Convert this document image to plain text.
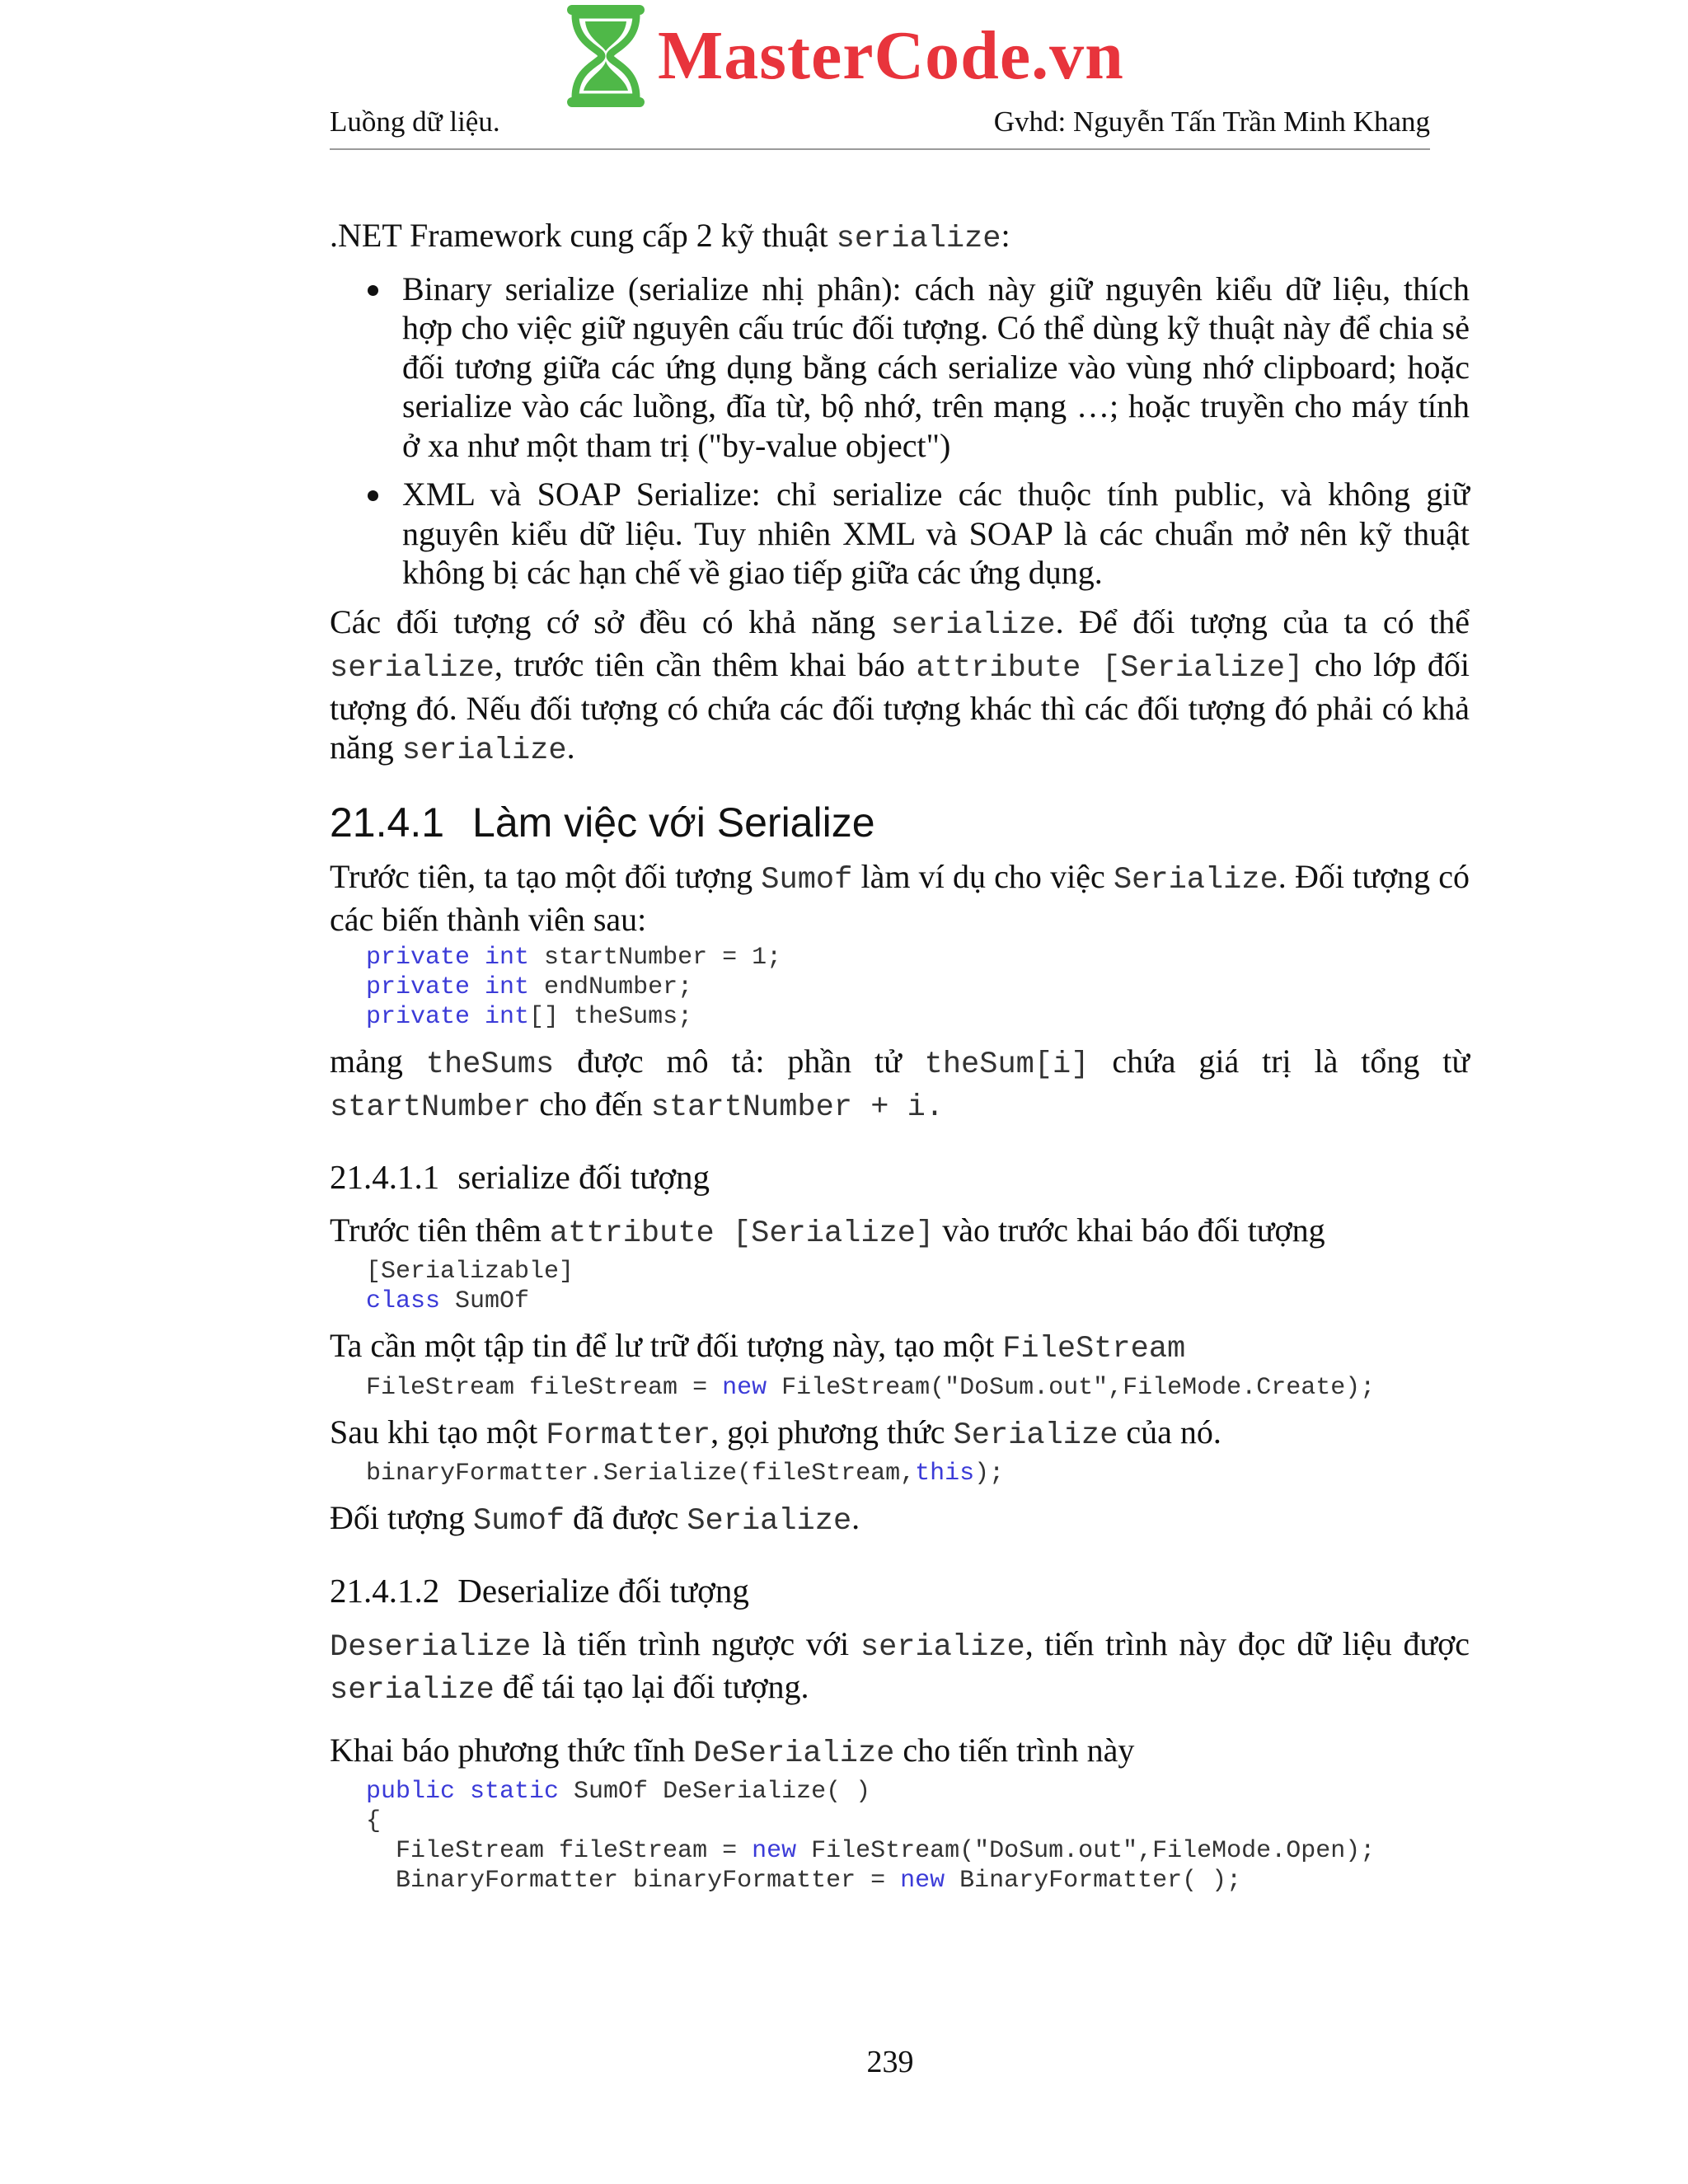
MasterCode.vn
Luồng dữ liệu.	Gvhd: Nguyễn Tấn Trần Minh Khang

.NET Framework cung cấp 2 kỹ thuật serialize:

Binary serialize (serialize nhị phân): cách này giữ nguyên kiểu dữ liệu, thích hợp cho việc giữ nguyên cấu trúc đối tượng. Có thể dùng kỹ thuật này để chia sẻ đối tương giữa các ứng dụng bằng cách serialize vào vùng nhớ clipboard; hoặc serialize vào các luồng, đĩa từ, bộ nhớ, trên mạng …; hoặc truyền cho máy tính ở xa như một tham trị ("by-value object")
XML và SOAP Serialize: chỉ serialize các thuộc tính public, và không giữ nguyên kiểu dữ liệu. Tuy nhiên XML và SOAP là các chuẩn mở nên kỹ thuật không bị các hạn chế về giao tiếp giữa các ứng dụng.

Các đối tượng cớ sở đều có khả năng serialize. Để đối tượng của ta có thể serialize, trước tiên cần thêm khai báo attribute [Serialize] cho lớp đối tượng đó. Nếu đối tượng có chứa các đối tượng khác thì các đối tượng đó phải có khả năng serialize.

21.4.1 Làm việc với Serialize

Trước tiên, ta tạo một đối tượng Sumof làm ví dụ cho việc Serialize. Đối tượng có các biến thành viên sau:

private int startNumber = 1;
private int endNumber;
private int[] theSums;

mảng theSums được mô tả: phần tử theSum[i] chứa giá trị là tổng từ startNumber cho đến startNumber + i.

21.4.1.1 serialize đối tượng

Trước tiên thêm attribute [Serialize] vào trước khai báo đối tượng

[Serializable]
class SumOf

Ta cần một tập tin để lư trữ đối tượng này, tạo một FileStream

FileStream fileStream = new FileStream("DoSum.out",FileMode.Create);

Sau khi tạo một Formatter, gọi phương thức Serialize của nó.

binaryFormatter.Serialize(fileStream,this);

Đối tượng Sumof đã được Serialize.

21.4.1.2 Deserialize đối tượng

Deserialize là tiến trình ngược với serialize, tiến trình này đọc dữ liệu được serialize để tái tạo lại đối tượng.

Khai báo phương thức tĩnh DeSerialize cho tiến trình này

public static SumOf DeSerialize( )
{
FileStream fileStream = new FileStream("DoSum.out",FileMode.Open);
BinaryFormatter binaryFormatter = new BinaryFormatter( );
239
